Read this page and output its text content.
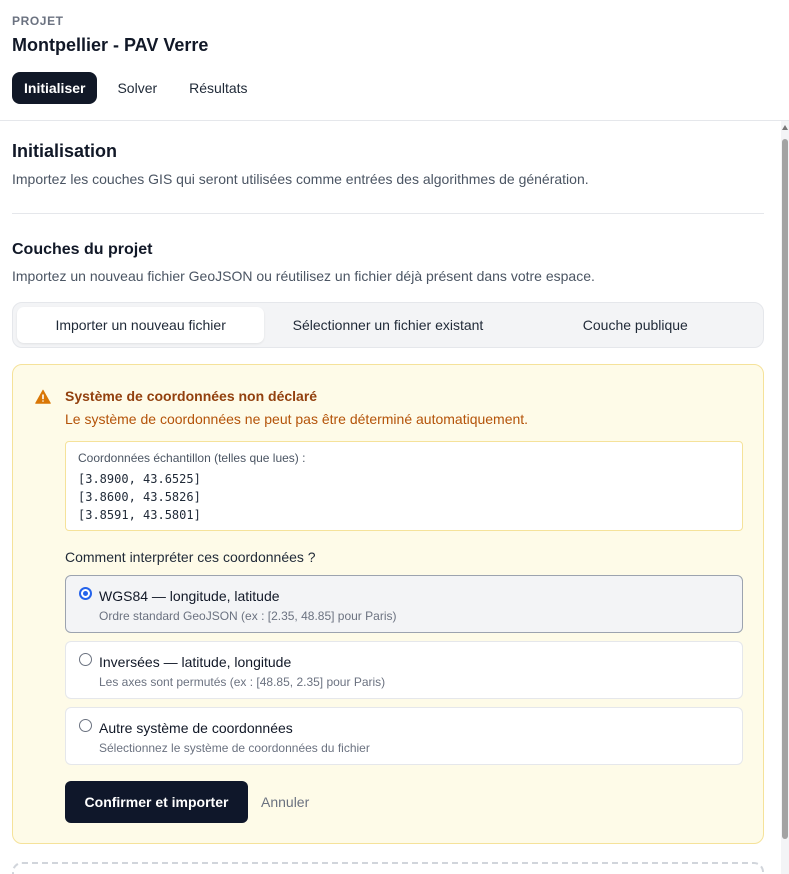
PROJET
Montpellier - PAV Verre
Initialiser	Solver	Résultats
Initialisation
Importez les couches GIS qui seront utilisées comme entrées des algorithmes de génération.
Couches du projet
Importez un nouveau fichier GeoJSON ou réutilisez un fichier déjà présent dans votre espace.
Importer un nouveau fichier	Sélectionner un fichier existant	Couche publique
Système de coordonnées non déclaré
Le système de coordonnées ne peut pas être déterminé automatiquement.
Coordonnées échantillon (telles que lues) :
[3.8900, 43.6525]
[3.8600, 43.5826]
[3.8591, 43.5801]
Comment interpréter ces coordonnées ?
WGS84 — longitude, latitude
Ordre standard GeoJSON (ex : [2.35, 48.85] pour Paris)
Inversées — latitude, longitude
Les axes sont permutés (ex : [48.85, 2.35] pour Paris)
Autre système de coordonnées
Sélectionnez le système de coordonnées du fichier
Confirmer et importer	Annuler
